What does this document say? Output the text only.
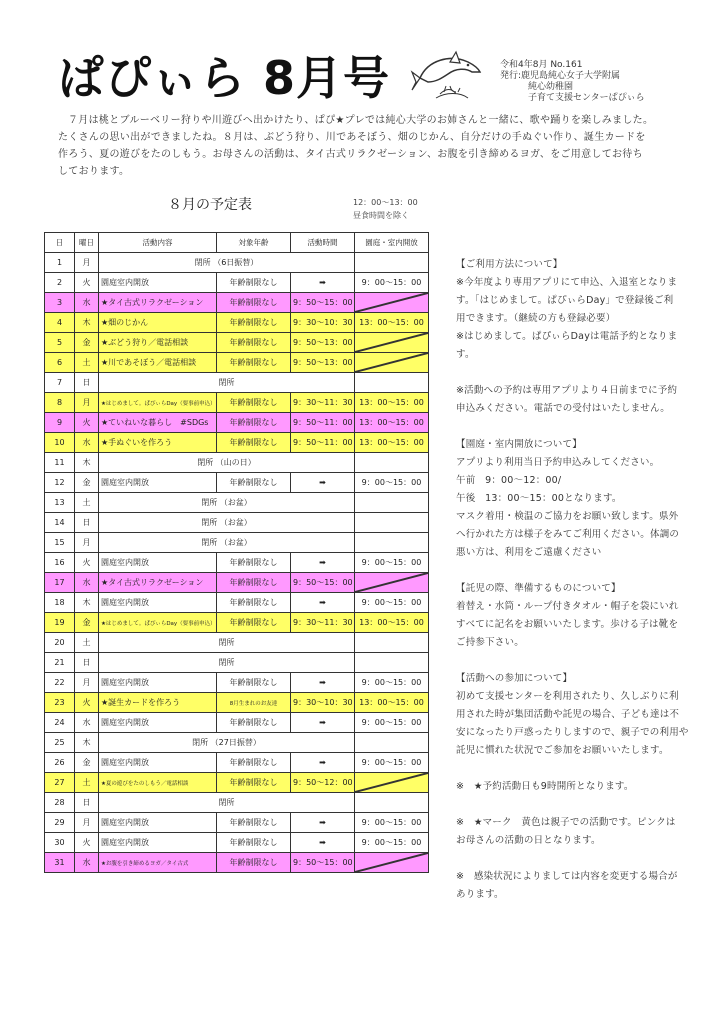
ぱぴぃら 8月号	令和4年8月 No.161
発行:鹿児島純心女子大学附属
純心幼稚園
子育て支援センターぱぴぃら

７月は桃とブルーベリー狩りや川遊びへ出かけたり、ぱぴ★プレでは純心大学のお姉さんと一緒に、歌や踊りを楽しみました。

たくさんの思い出ができましたね。８月は、ぶどう狩り、川であそぼう、畑のじかん、自分だけの手ぬぐい作り、誕生カードを

作ろう、夏の遊びをたのしもう。お母さんの活動は、タイ古式リラクゼーション、お腹を引き締めるヨガ、をご用意してお待ち

しております。

８月の予定表	12：00～13：00
昼食時間を除く
日	曜日	活動内容	対象年齢	活動時間	園庭・室内開放
1	月	閉所 （6日振替）			
2	火	園庭室内開放	年齢制限なし	➡	9：00～15：00
3	水	★タイ古式リラクゼーション	年齢制限なし	9：50～15：00	

4	木	★畑のじかん	年齢制限なし	9：30～10：30	13：00～15：00
5	金	★ぶどう狩り／電話相談	年齢制限なし	9：50～13：00	

6	土	★川であそぼう／電話相談	年齢制限なし	9：50～13：00	

7	日	閉所			
8	月	★はじめまして。ぱぴぃらDay（要事前申込）	年齢制限なし	9：30～11：30	13：00～15：00
9	火	★ていねいな暮らし　#SDGs	年齢制限なし	9：50～11：00	13：00～15：00
10	水	★手ぬぐいを作ろう	年齢制限なし	9：50～11：00	13：00～15：00
11	木	閉所 （山の日）			
12	金	園庭室内開放	年齢制限なし	➡	9：00～15：00
13	土	閉所 （お盆）			
14	日	閉所 （お盆）			
15	月	閉所 （お盆）			
16	火	園庭室内開放	年齢制限なし	➡	9：00～15：00
17	水	★タイ古式リラクゼーション	年齢制限なし	9：50～15：00	

18	木	園庭室内開放	年齢制限なし	➡	9：00～15：00
19	金	★はじめまして。ぱぴぃらDay（要事前申込）	年齢制限なし	9：30～11：30	13：00～15：00
20	土	閉所			
21	日	閉所			
22	月	園庭室内開放	年齢制限なし	➡	9：00～15：00
23	火	★誕生カードを作ろう	8月生まれのお友達	9：30～10：30	13：00～15：00
24	水	園庭室内開放	年齢制限なし	➡	9：00～15：00
25	木	閉所 （27日振替）			
26	金	園庭室内開放	年齢制限なし	➡	9：00～15：00
27	土	★夏の遊びをたのしもう／電話相談	年齢制限なし	9：50～12：00	

28	日	閉所			
29	月	園庭室内開放	年齢制限なし	➡	9：00～15：00
30	火	園庭室内開放	年齢制限なし	➡	9：00～15：00
31	水	★お腹を引き締めるヨガ／タイ古式	年齢制限なし	9：50～15：00	

【ご利用方法について】

※今年度より専用アプリにて申込、入退室となりま

す。「はじめまして。ぱぴぃらDay」で登録後ご利

用できます。（継続の方も登録必要）

※はじめまして。ぱぴぃらDayは電話予約となりま

す。

※活動への予約は専用アプリより４日前までに予約

申込みください。電話での受付はいたしません。

【園庭・室内開放について】

アプリより利用当日予約申込みしてください。

午前　9：00～12：00/

午後　13：00～15：00となります。

マスク着用・検温のご協力をお願い致します。県外

へ行かれた方は様子をみてご利用ください。体調の

悪い方は、利用をご遠慮ください

【託児の際、準備するものについて】

着替え・水筒・ループ付きタオル・帽子を袋にいれ

すべてに記名をお願いいたします。歩ける子は靴を

ご持参下さい。

【活動への参加について】

初めて支援センターを利用されたり、久しぶりに利

用された時が集団活動や託児の場合、子ども達は不

安になったり戸惑ったりしますので、親子での利用や

託児に慣れた状況でご参加をお願いいたします。

※　★予約活動日も9時開所となります。

※　★マーク　黄色は親子での活動です。ピンクは

お母さんの活動の日となります。

※　感染状況によりましては内容を変更する場合が

あります。
